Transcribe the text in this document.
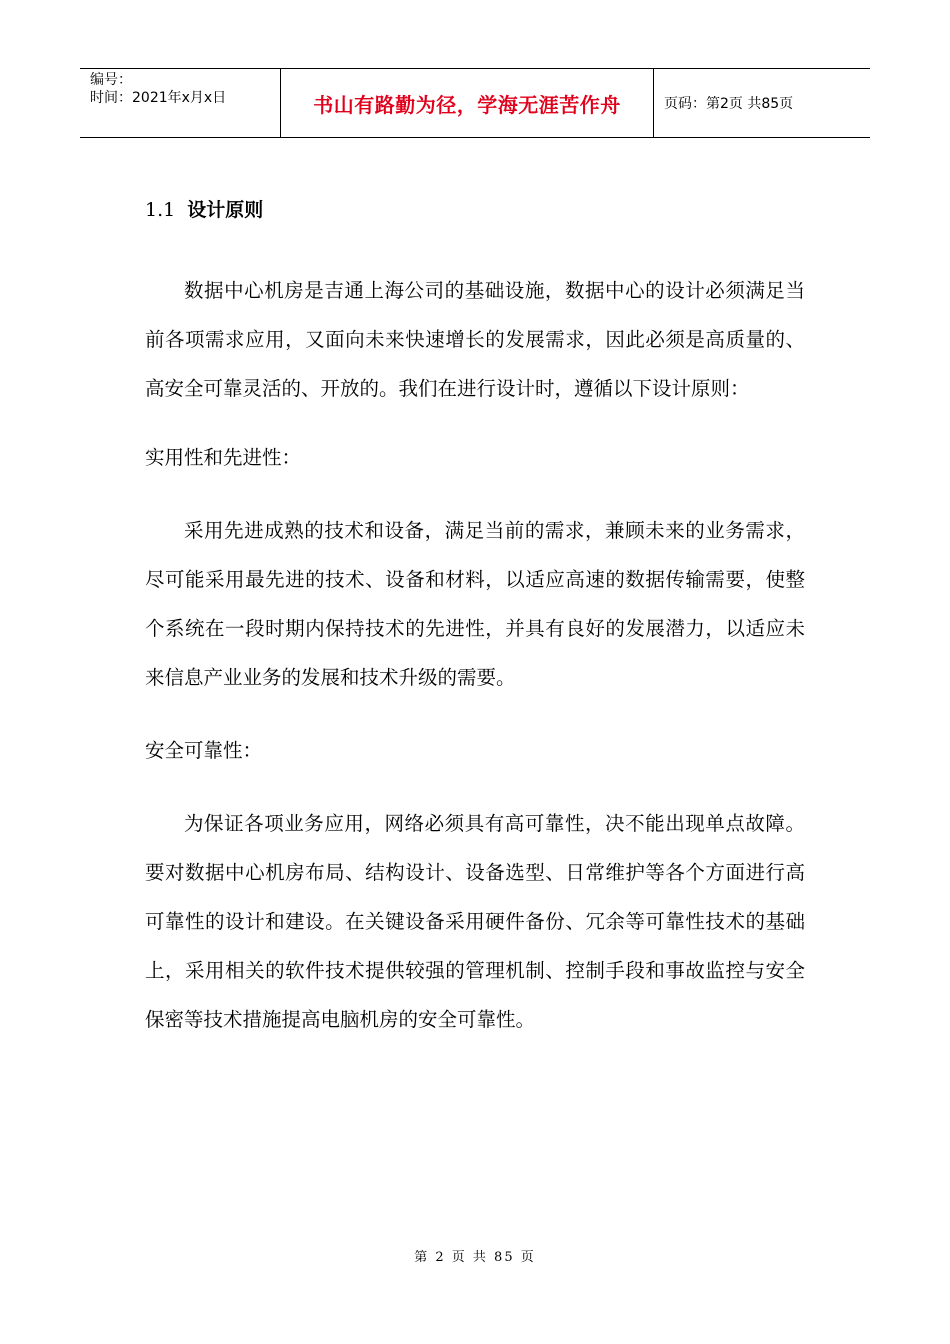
编号：
时间：2021年x月x日	书山有路勤为径，学海无涯苦作舟	页码：第2页 共85页
1.1 设计原则

数据中心机房是吉通上海公司的基础设施，数据中心的设计必须满足当前各项需求应用，又面向未来快速增长的发展需求，因此必须是高质量的、高安全可靠灵活的、开放的。我们在进行设计时，遵循以下设计原则：

实用性和先进性：

采用先进成熟的技术和设备，满足当前的需求，兼顾未来的业务需求，尽可能采用最先进的技术、设备和材料，以适应高速的数据传输需要，使整个系统在一段时期内保持技术的先进性，并具有良好的发展潜力，以适应未来信息产业业务的发展和技术升级的需要。

安全可靠性：

为保证各项业务应用，网络必须具有高可靠性，决不能出现单点故障。要对数据中心机房布局、结构设计、设备选型、日常维护等各个方面进行高可靠性的设计和建设。在关键设备采用硬件备份、冗余等可靠性技术的基础上，采用相关的软件技术提供较强的管理机制、控制手段和事故监控与安全保密等技术措施提高电脑机房的安全可靠性。

第 2 页 共 85 页
